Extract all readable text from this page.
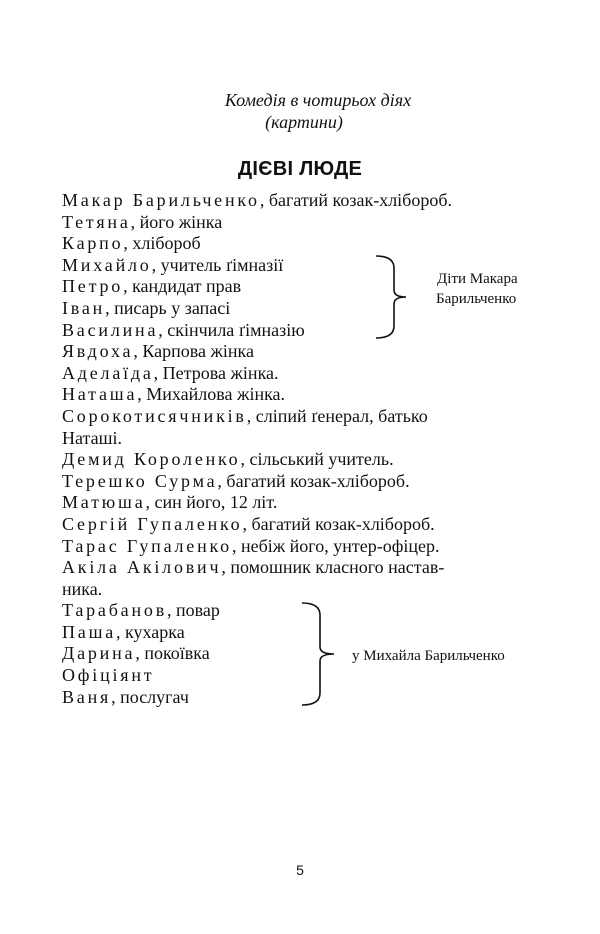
Комедія в чотирьох діях
(картини)
ДІЄВІ ЛЮДЕ
Макар Барильченко, багатий козак-хлібороб.
Тетяна, його жінка
Карпо, хлібороб
Михайло, учитель ґімназії
Петро, кандидат прав
Іван, писарь у запасі
Василина, скінчила ґімназію
Явдоха, Карпова жінка
Аделаїда, Петрова жінка.
Наташа, Михайлова жінка.
Сорокотисячників, сліпий ґенерал, батько
Наташі.
Демид Короленко, сільський учитель.
Терешко Сурма, багатий козак-хлібороб.
Матюша, син його, 12 літ.
Сергій Гупаленко, багатий козак-хлібороб.
Тарас Гупаленко, небіж його, унтер-офіцер.
Акіла Акілович, помошник класного настав-
ника.
Тарабанов, повар
Паша, кухарка
Дарина, покоївка
Офіціянт
Ваня, послугач
Діти Макара
Барильченко
у Михайла Барильченко
5
